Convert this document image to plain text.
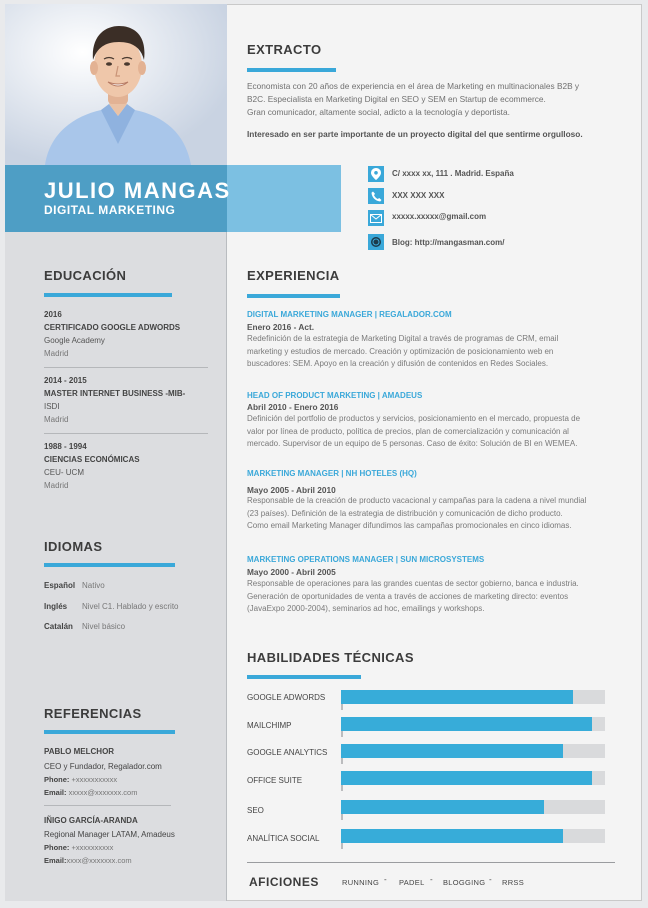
JULIO MANGAS
DIGITAL MARKETING
EXTRACTO
Economista con 20 años de experiencia en el área de Marketing en multinacionales B2B y
B2C. Especialista en Marketing Digital en SEO y SEM en Startup de ecommerce.
Gran comunicador, altamente social, adicto a la tecnología y deportista.
Interesado en ser parte importante de un proyecto digital del que sentirme orgulloso.
C/ xxxx xx, 111 . Madrid. España
XXX XXX XXX
xxxxx.xxxxx@gmail.com
Blog: http://mangasman.com/
EDUCACIÓN
2016
CERTIFICADO GOOGLE ADWORDS
Google Academy
Madrid
2014 - 2015
MASTER INTERNET BUSINESS -MIB-
ISDI
Madrid
1988 - 1994
CIENCIAS ECONÓMICAS
CEU- UCM
Madrid
IDIOMAS
Español Nativo
Inglés Nivel C1. Hablado y escrito
Catalán Nivel básico
REFERENCIAS
PABLO MELCHOR
CEO y Fundador, Regalador.com
Phone: +xxxxxxxxxxx
Email: xxxxx@xxxxxxx.com
IÑIGO GARCÍA-ARANDA
Regional Manager LATAM, Amadeus
Phone: +xxxxxxxxxx
Email:xxxx@xxxxxxx.com
EXPERIENCIA
DIGITAL MARKETING MANAGER | REGALADOR.COM
Enero 2016 - Act.
Redefinición de la estrategia de Marketing Digital a través de programas de CRM, email
marketing y estudios de mercado. Creación y optimización de posicionamiento web en
buscadores: SEM. Apoyo en la creación y difusión de contenidos en Redes Sociales.
HEAD OF PRODUCT MARKETING | AMADEUS
Abril 2010 - Enero 2016
Definición del portfolio de productos y servicios, posicionamiento en el mercado, propuesta de
valor por línea de producto, política de precios, plan de comercialización y comunicación al
mercado. Supervisor de un equipo de 5 personas. Caso de éxito: Solución de BI en WEMEA.
MARKETING MANAGER | NH HOTELES (HQ)
Mayo 2005 - Abril 2010
Responsable de la creación de producto vacacional y campañas para la cadena a nivel mundial
(23 países). Definición de la estrategia de distribución y comunicación de dicho producto.
Como email Marketing Manager difundimos las campañas promocionales en cinco idiomas.
MARKETING OPERATIONS MANAGER | SUN MICROSYSTEMS
Mayo 2000 - Abril 2005
Responsable de operaciones para las grandes cuentas de sector gobierno, banca e industria.
Generación de oportunidades de venta a través de acciones de marketing directo: eventos
(JavaExpo 2000-2004), seminarios ad hoc, emailings y workshops.
HABILIDADES TÉCNICAS
GOOGLE ADWORDS
MAILCHIMP
GOOGLE ANALYTICS
OFFICE SUITE
SEO
ANALÍTICA SOCIAL
AFICIONES	RUNNING - PADEL - BLOGGING - RRSS
